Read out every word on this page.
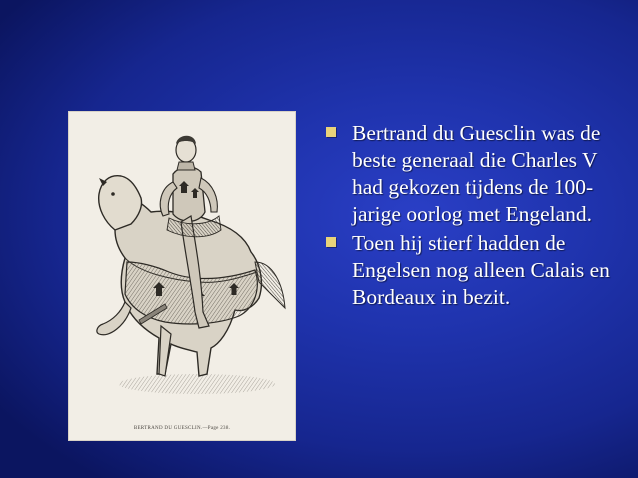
BERTRAND DU GUESCLIN.—Page 238.
Bertrand du Guesclin was de beste generaal die Charles V had gekozen tijdens de 100-jarige oorlog met Engeland.
Toen hij stierf hadden de Engelsen nog alleen Calais en Bordeaux in bezit.
